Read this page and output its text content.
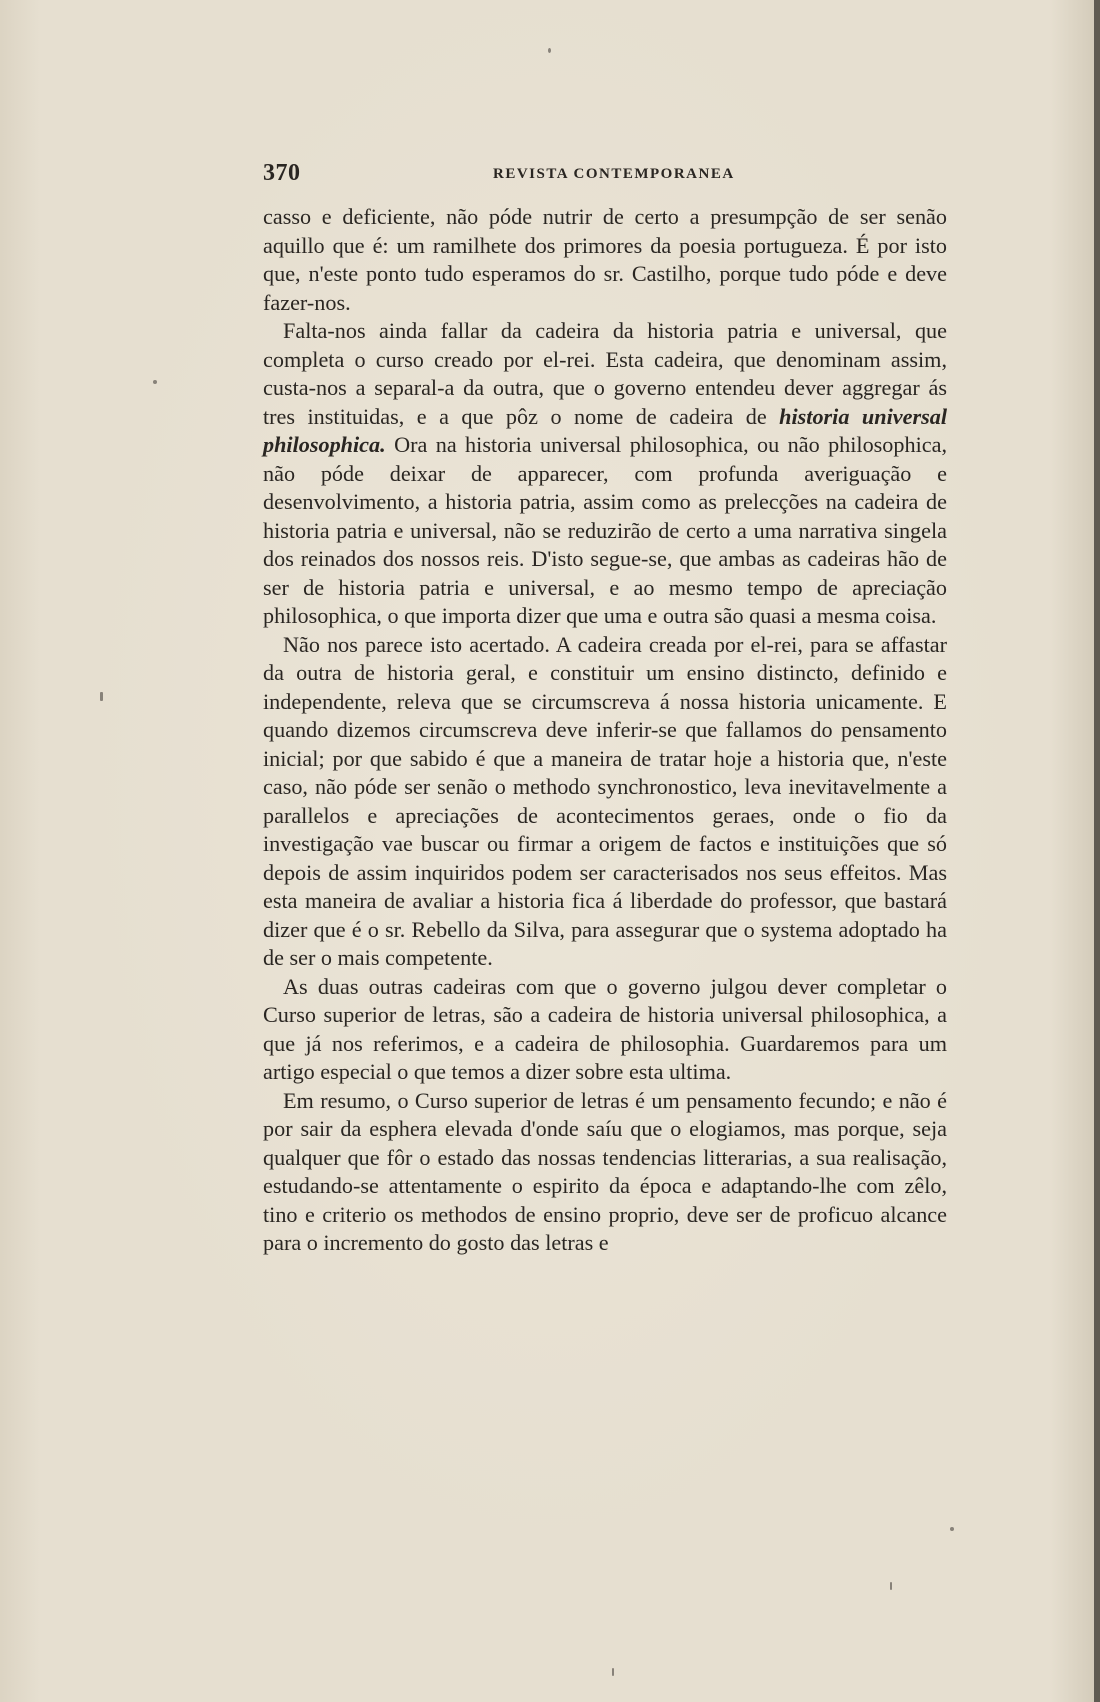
370	REVISTA CONTEMPORANEA

casso e deficiente, não póde nutrir de certo a presumpção de ser senão aquillo que é: um ramilhete dos primores da poesia portugueza. É por isto que, n'este ponto tudo esperamos do sr. Castilho, porque tudo póde e deve fazer-nos.

Falta-nos ainda fallar da cadeira da historia patria e universal, que completa o curso creado por el-rei. Esta cadeira, que denominam assim, custa-nos a separal-a da outra, que o governo entendeu dever aggregar ás tres instituidas, e a que pôz o nome de cadeira de historia universal philosophica. Ora na historia universal philosophica, ou não philosophica, não póde deixar de apparecer, com profunda averiguação e desenvolvimento, a historia patria, assim como as prelecções na cadeira de historia patria e universal, não se reduzirão de certo a uma narrativa singela dos reinados dos nossos reis. D'isto segue-se, que ambas as cadeiras hão de ser de historia patria e universal, e ao mesmo tempo de apreciação philosophica, o que importa dizer que uma e outra são quasi a mesma coisa.

Não nos parece isto acertado. A cadeira creada por el-rei, para se affastar da outra de historia geral, e constituir um ensino distincto, definido e independente, releva que se circumscreva á nossa historia unicamente. E quando dizemos circumscreva deve inferir-se que fallamos do pensamento inicial; por que sabido é que a maneira de tratar hoje a historia que, n'este caso, não póde ser senão o methodo synchronostico, leva inevitavelmente a parallelos e apreciações de acontecimentos geraes, onde o fio da investigação vae buscar ou firmar a origem de factos e instituições que só depois de assim inquiridos podem ser caracterisados nos seus effeitos. Mas esta maneira de avaliar a historia fica á liberdade do professor, que bastará dizer que é o sr. Rebello da Silva, para assegurar que o systema adoptado ha de ser o mais competente.

As duas outras cadeiras com que o governo julgou dever completar o Curso superior de letras, são a cadeira de historia universal philosophica, a que já nos referimos, e a cadeira de philosophia. Guardaremos para um artigo especial o que temos a dizer sobre esta ultima.

Em resumo, o Curso superior de letras é um pensamento fecundo; e não é por sair da esphera elevada d'onde saíu que o elogiamos, mas porque, seja qualquer que fôr o estado das nossas tendencias litterarias, a sua realisação, estudando-se attentamente o espirito da época e adaptando-lhe com zêlo, tino e criterio os methodos de ensino proprio, deve ser de proficuo alcance para o incremento do gosto das letras e
